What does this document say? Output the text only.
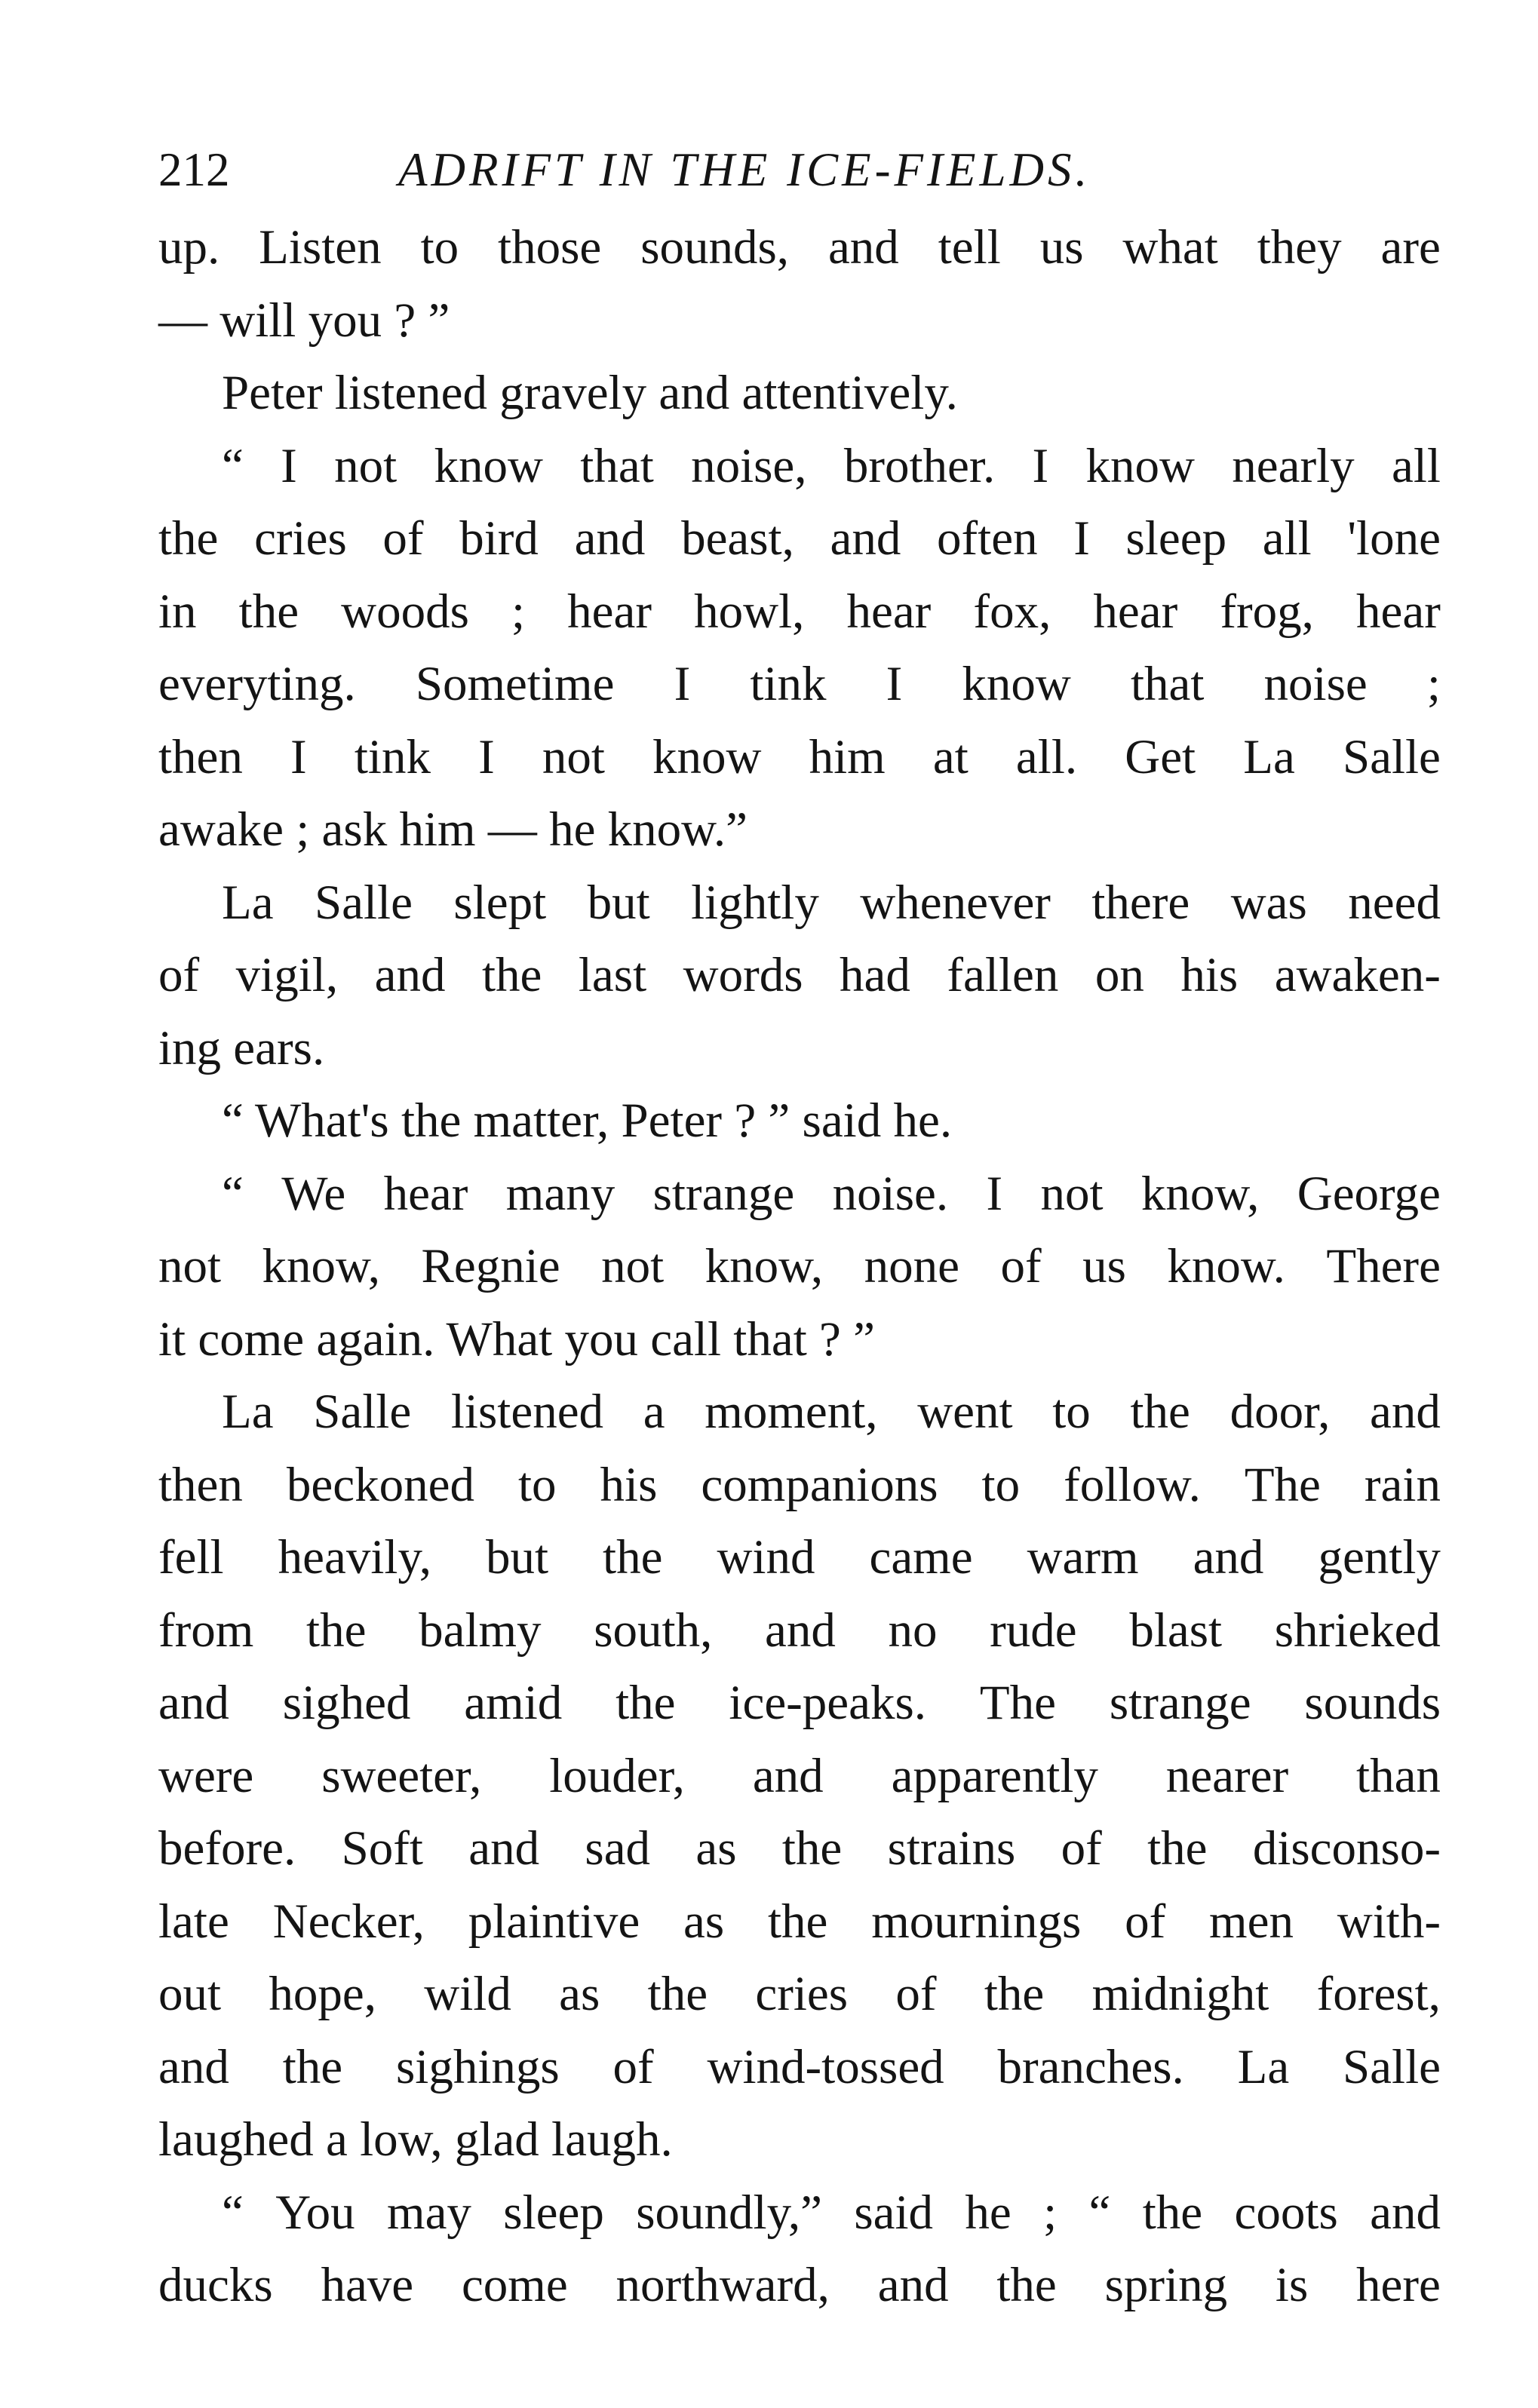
212	ADRIFT IN THE ICE-FIELDS.
up. Listen to those sounds, and tell us what they are
— will you ? ”
Peter listened gravely and attentively.
“ I not know that noise, brother. I know nearly all
the cries of bird and beast, and often I sleep all 'lone
in the woods ; hear howl, hear fox, hear frog, hear
everyting. Sometime I tink I know that noise ;
then I tink I not know him at all. Get La Salle
awake ; ask him — he know.”
La Salle slept but lightly whenever there was need
of vigil, and the last words had fallen on his awaken-
ing ears.
“ What's the matter, Peter ? ” said he.
“ We hear many strange noise. I not know, George
not know, Regnie not know, none of us know. There
it come again. What you call that ? ”
La Salle listened a moment, went to the door, and
then beckoned to his companions to follow. The rain
fell heavily, but the wind came warm and gently
from the balmy south, and no rude blast shrieked
and sighed amid the ice-peaks. The strange sounds
were sweeter, louder, and apparently nearer than
before. Soft and sad as the strains of the disconso-
late Necker, plaintive as the mournings of men with-
out hope, wild as the cries of the midnight forest,
and the sighings of wind-tossed branches. La Salle
laughed a low, glad laugh.
“ You may sleep soundly,” said he ; “ the coots and
ducks have come northward, and the spring is here
